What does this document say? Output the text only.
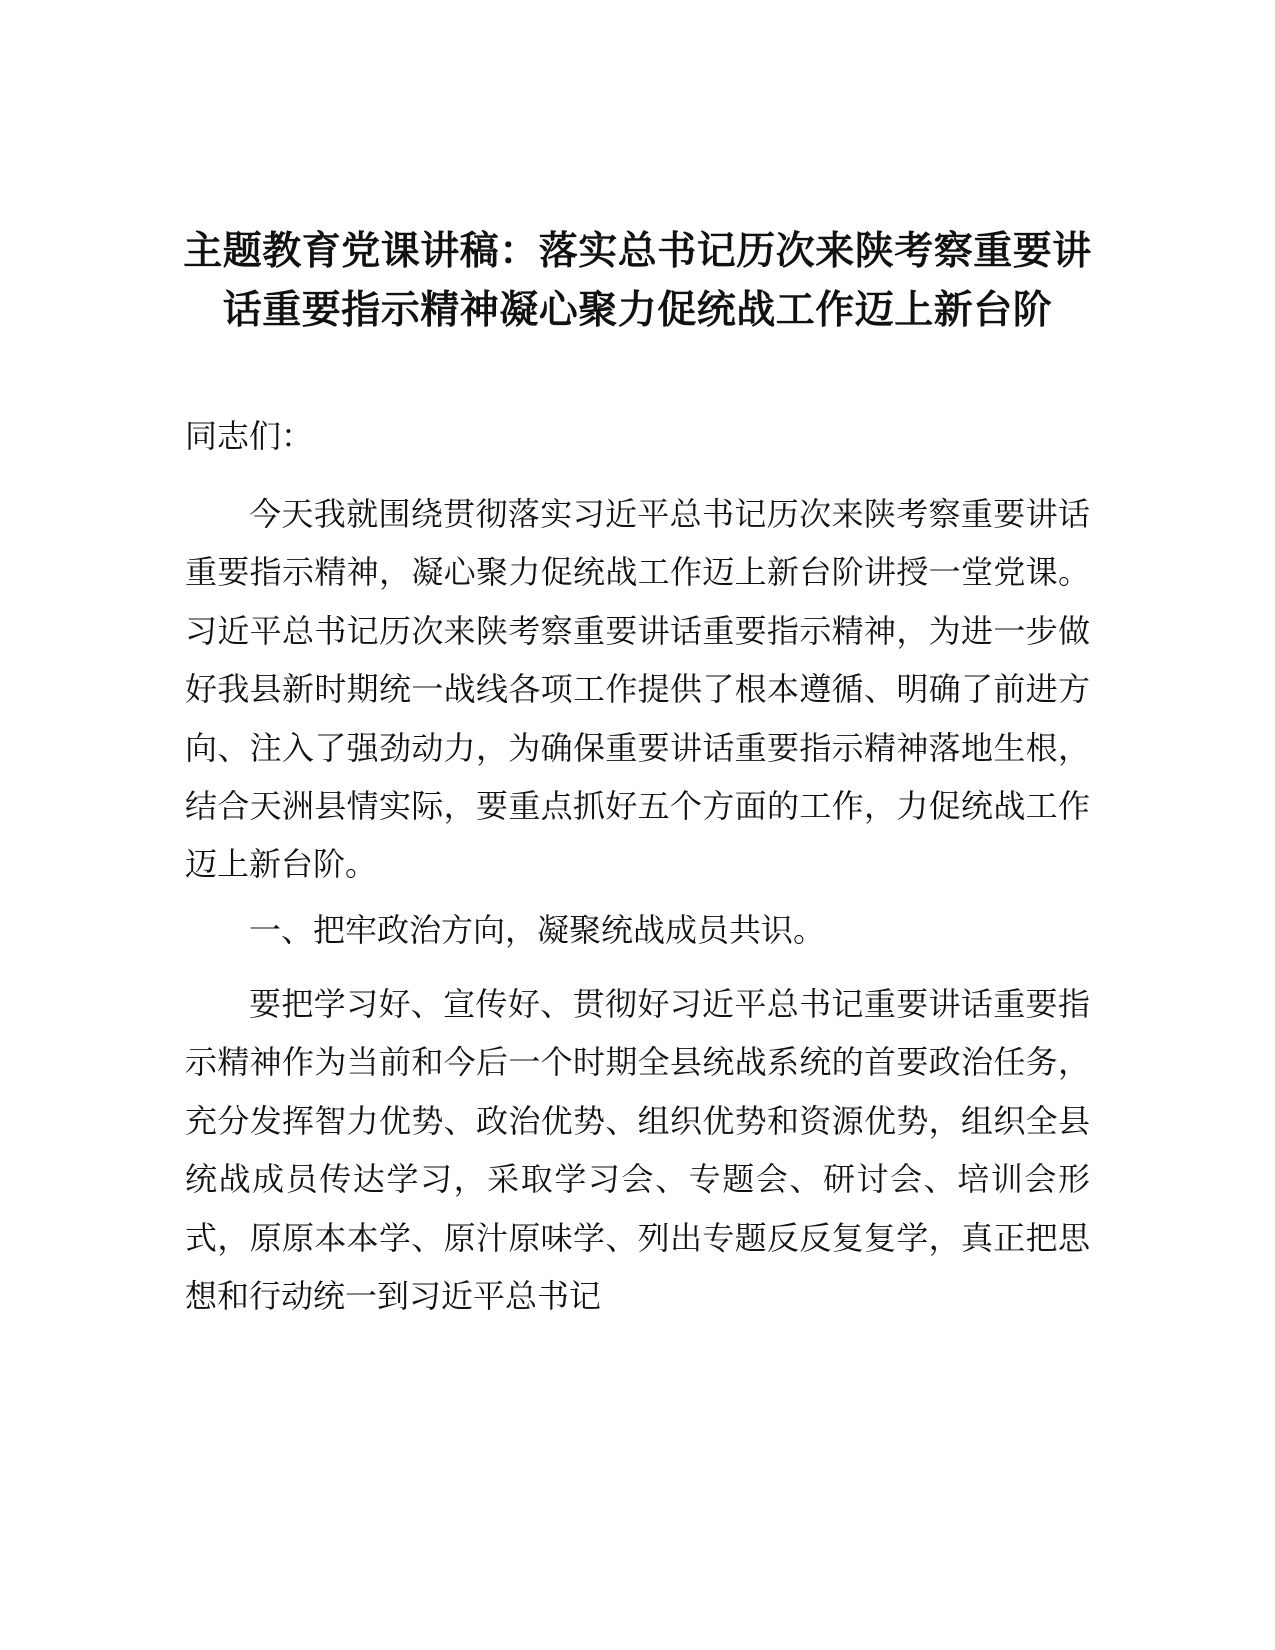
主题教育党课讲稿：落实总书记历次来陕考察重要讲话重要指示精神凝心聚力促统战工作迈上新台阶

同志们：

今天我就围绕贯彻落实习近平总书记历次来陕考察重要讲话重要指示精神，凝心聚力促统战工作迈上新台阶讲授一堂党课。习近平总书记历次来陕考察重要讲话重要指示精神，为进一步做好我县新时期统一战线各项工作提供了根本遵循、明确了前进方向、注入了强劲动力，为确保重要讲话重要指示精神落地生根，结合天洲县情实际，要重点抓好五个方面的工作，力促统战工作迈上新台阶。

一、把牢政治方向，凝聚统战成员共识。

要把学习好、宣传好、贯彻好习近平总书记重要讲话重要指示精神作为当前和今后一个时期全县统战系统的首要政治任务，充分发挥智力优势、政治优势、组织优势和资源优势，组织全县统战成员传达学习，采取学习会、专题会、研讨会、培训会形式，原原本本学、原汁原味学、列出专题反反复复学，真正把思想和行动统一到习近平总书记
